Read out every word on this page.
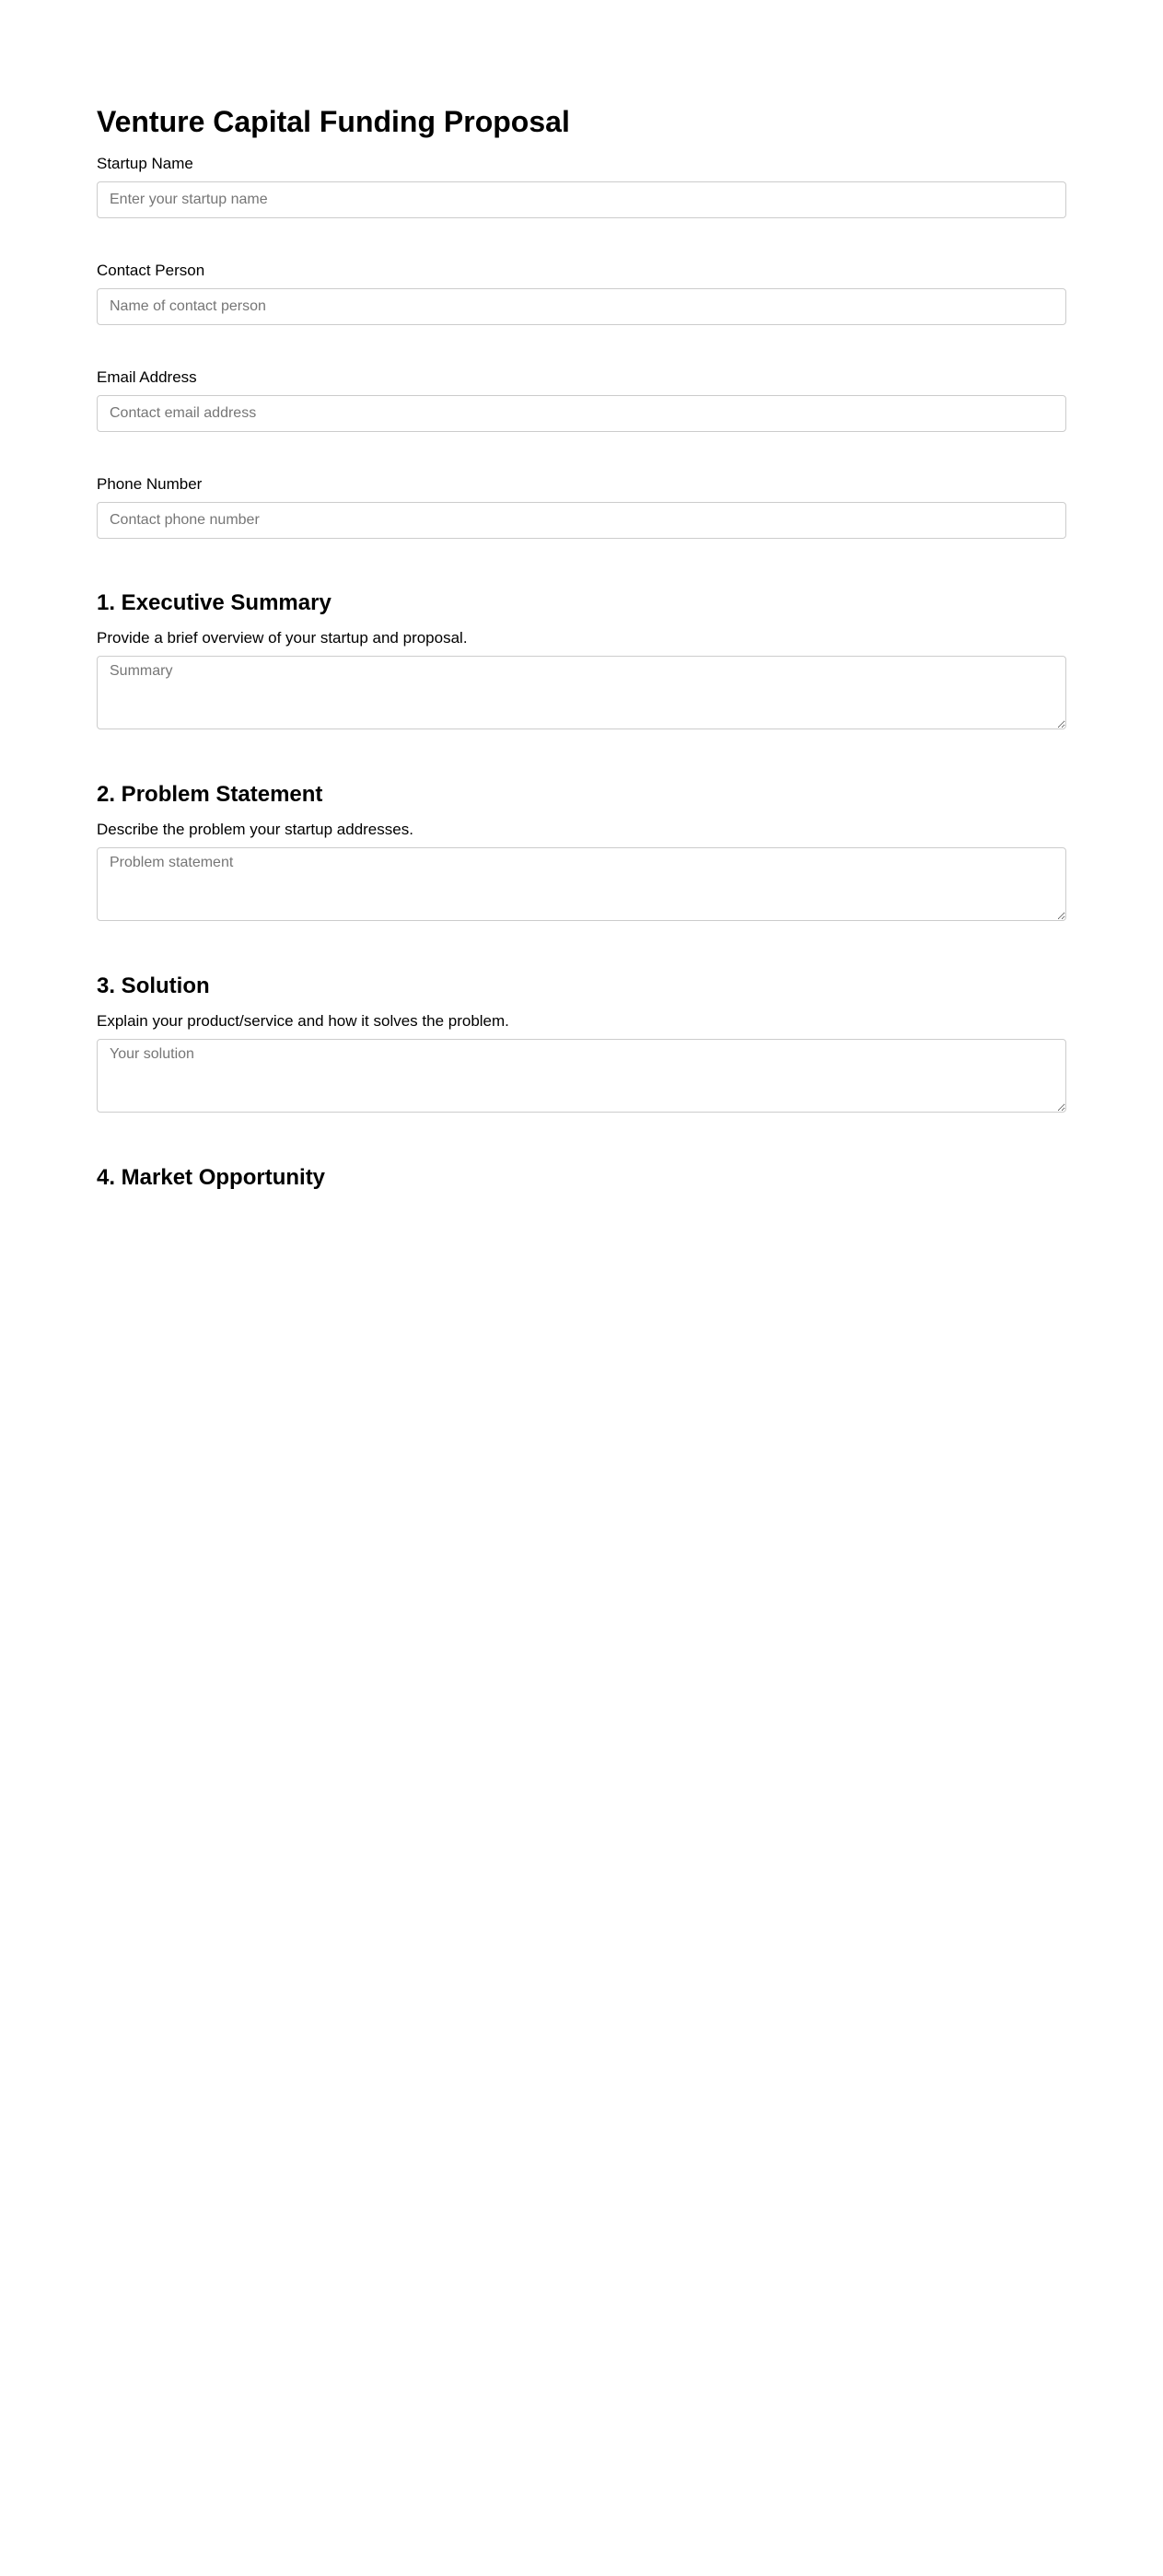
Venture Capital Funding Proposal
Startup Name
Enter your startup name
Contact Person
Name of contact person
Email Address
Contact email address
Phone Number
Contact phone number
1. Executive Summary

Provide a brief overview of your startup and proposal.

Summary
2. Problem Statement

Describe the problem your startup addresses.

Problem statement
3. Solution

Explain your product/service and how it solves the problem.

Your solution
4. Market Opportunity
